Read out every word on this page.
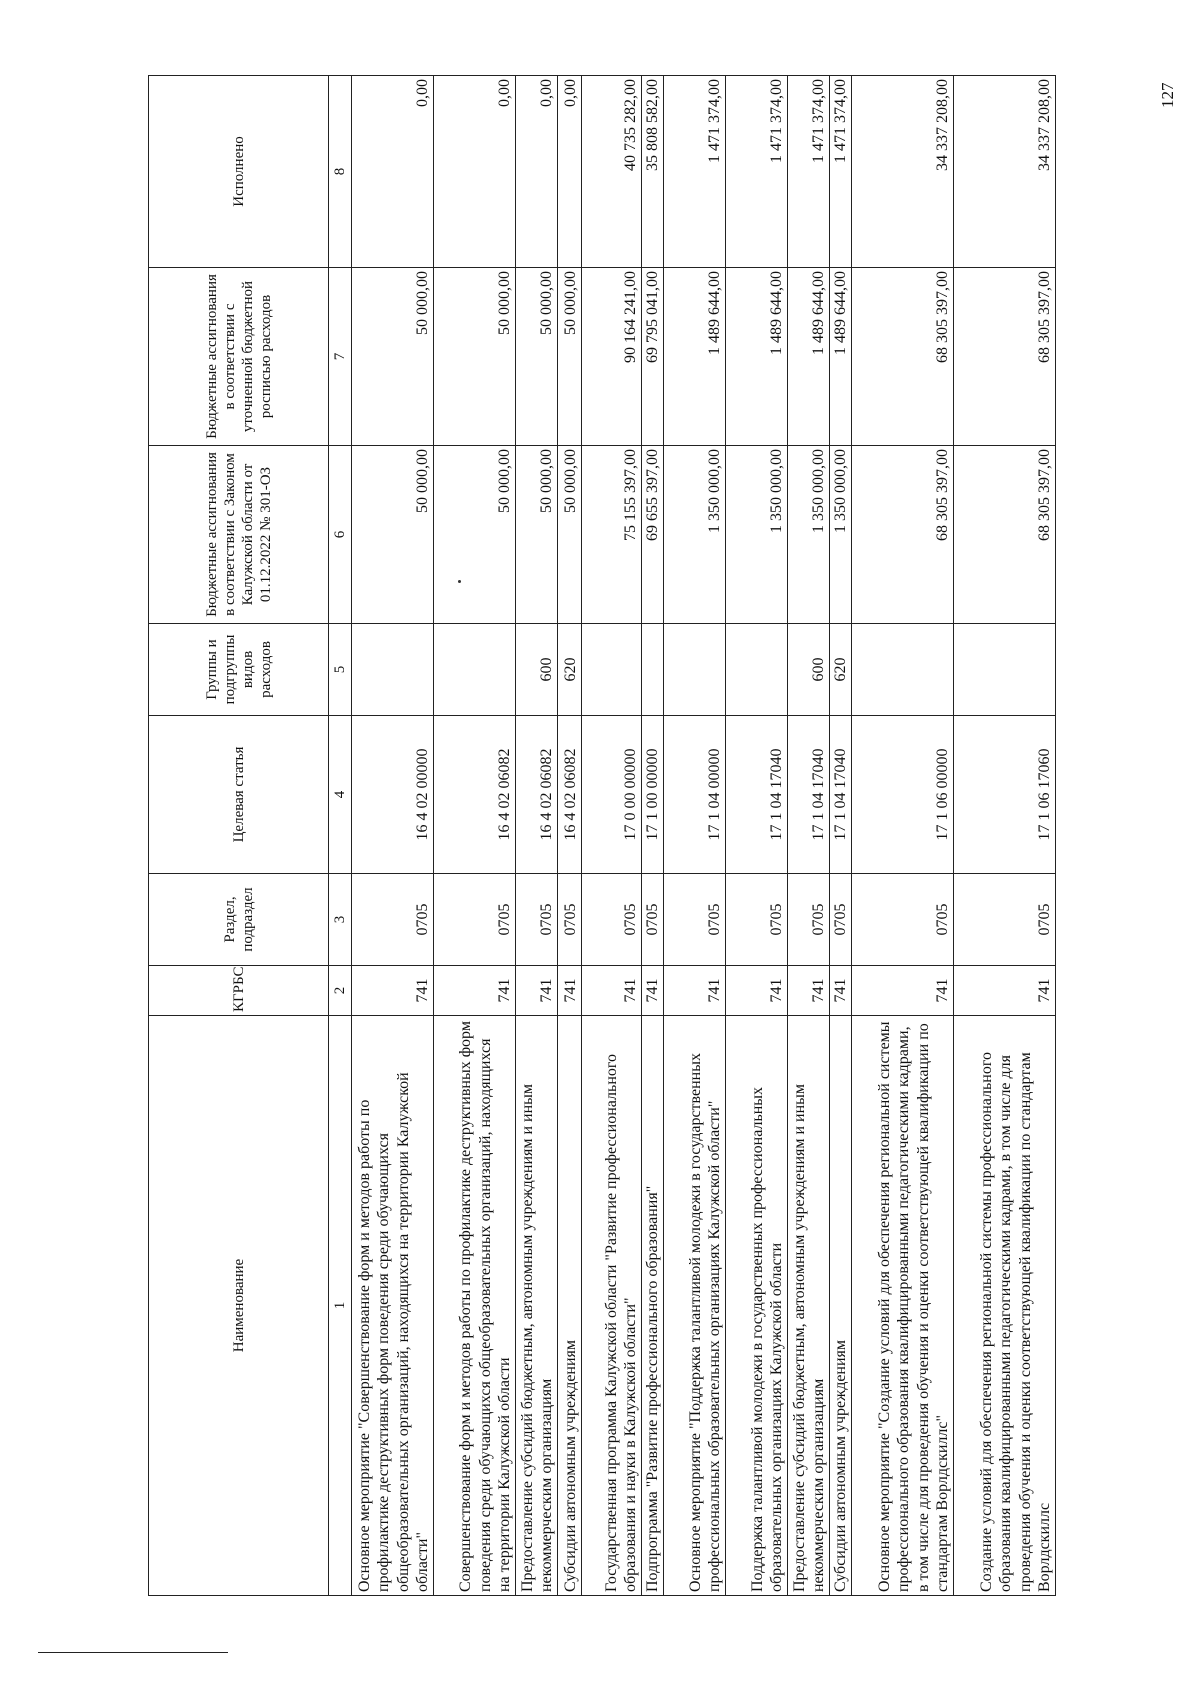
127
Наименование	КГРБС	Раздел, подраздел	Целевая статья	Группы и подгруппы видов расходов	Бюджетные ассигнования в соответствии с Законом Калужской области от 01.12.2022 № 301-ОЗ	Бюджетные ассигнования в соответствии с уточненной бюджетной росписью расходов	Исполнено
1	2	3	4	5	6	7	8
Основное мероприятие "Совершенствование форм и методов работы по профилактике деструктивных форм поведения среди обучающихся общеобразовательных организаций, находящихся на территории Калужской области"	741	0705	16 4 02 00000		50 000,00	50 000,00	0,00
Совершенствование форм и методов работы по профилактике деструктивных форм поведения среди обучающихся общеобразовательных организаций, находящихся на территории Калужской области	741	0705	16 4 02 06082		50 000,00	50 000,00	0,00
Предоставление субсидий бюджетным, автономным учреждениям и иным некоммерческим организациям	741	0705	16 4 02 06082	600	50 000,00	50 000,00	0,00
Субсидии автономным учреждениям	741	0705	16 4 02 06082	620	50 000,00	50 000,00	0,00
Государственная программа Калужской области "Развитие профессионального образования и науки в Калужской области"	741	0705	17 0 00 00000		75 155 397,00	90 164 241,00	40 735 282,00
Подпрограмма "Развитие профессионального образования"	741	0705	17 1 00 00000		69 655 397,00	69 795 041,00	35 808 582,00
Основное мероприятие "Поддержка талантливой молодежи в государственных профессиональных образовательных организациях Калужской области"	741	0705	17 1 04 00000		1 350 000,00	1 489 644,00	1 471 374,00
Поддержка талантливой молодежи в государственных профессиональных образовательных организациях Калужской области	741	0705	17 1 04 17040		1 350 000,00	1 489 644,00	1 471 374,00
Предоставление субсидий бюджетным, автономным учреждениям и иным некоммерческим организациям	741	0705	17 1 04 17040	600	1 350 000,00	1 489 644,00	1 471 374,00
Субсидии автономным учреждениям	741	0705	17 1 04 17040	620	1 350 000,00	1 489 644,00	1 471 374,00
Основное мероприятие "Создание условий для обеспечения региональной системы профессионального образования квалифицированными педагогическими кадрами, в том числе для проведения обучения и оценки соответствующей квалификации по стандартам Ворлдскиллс"	741	0705	17 1 06 00000		68 305 397,00	68 305 397,00	34 337 208,00
Создание условий для обеспечения региональной системы профессионального образования квалифицированными педагогическими кадрами, в том числе для проведения обучения и оценки соответствующей квалификации по стандартам Ворлдскиллс	741	0705	17 1 06 17060		68 305 397,00	68 305 397,00	34 337 208,00
